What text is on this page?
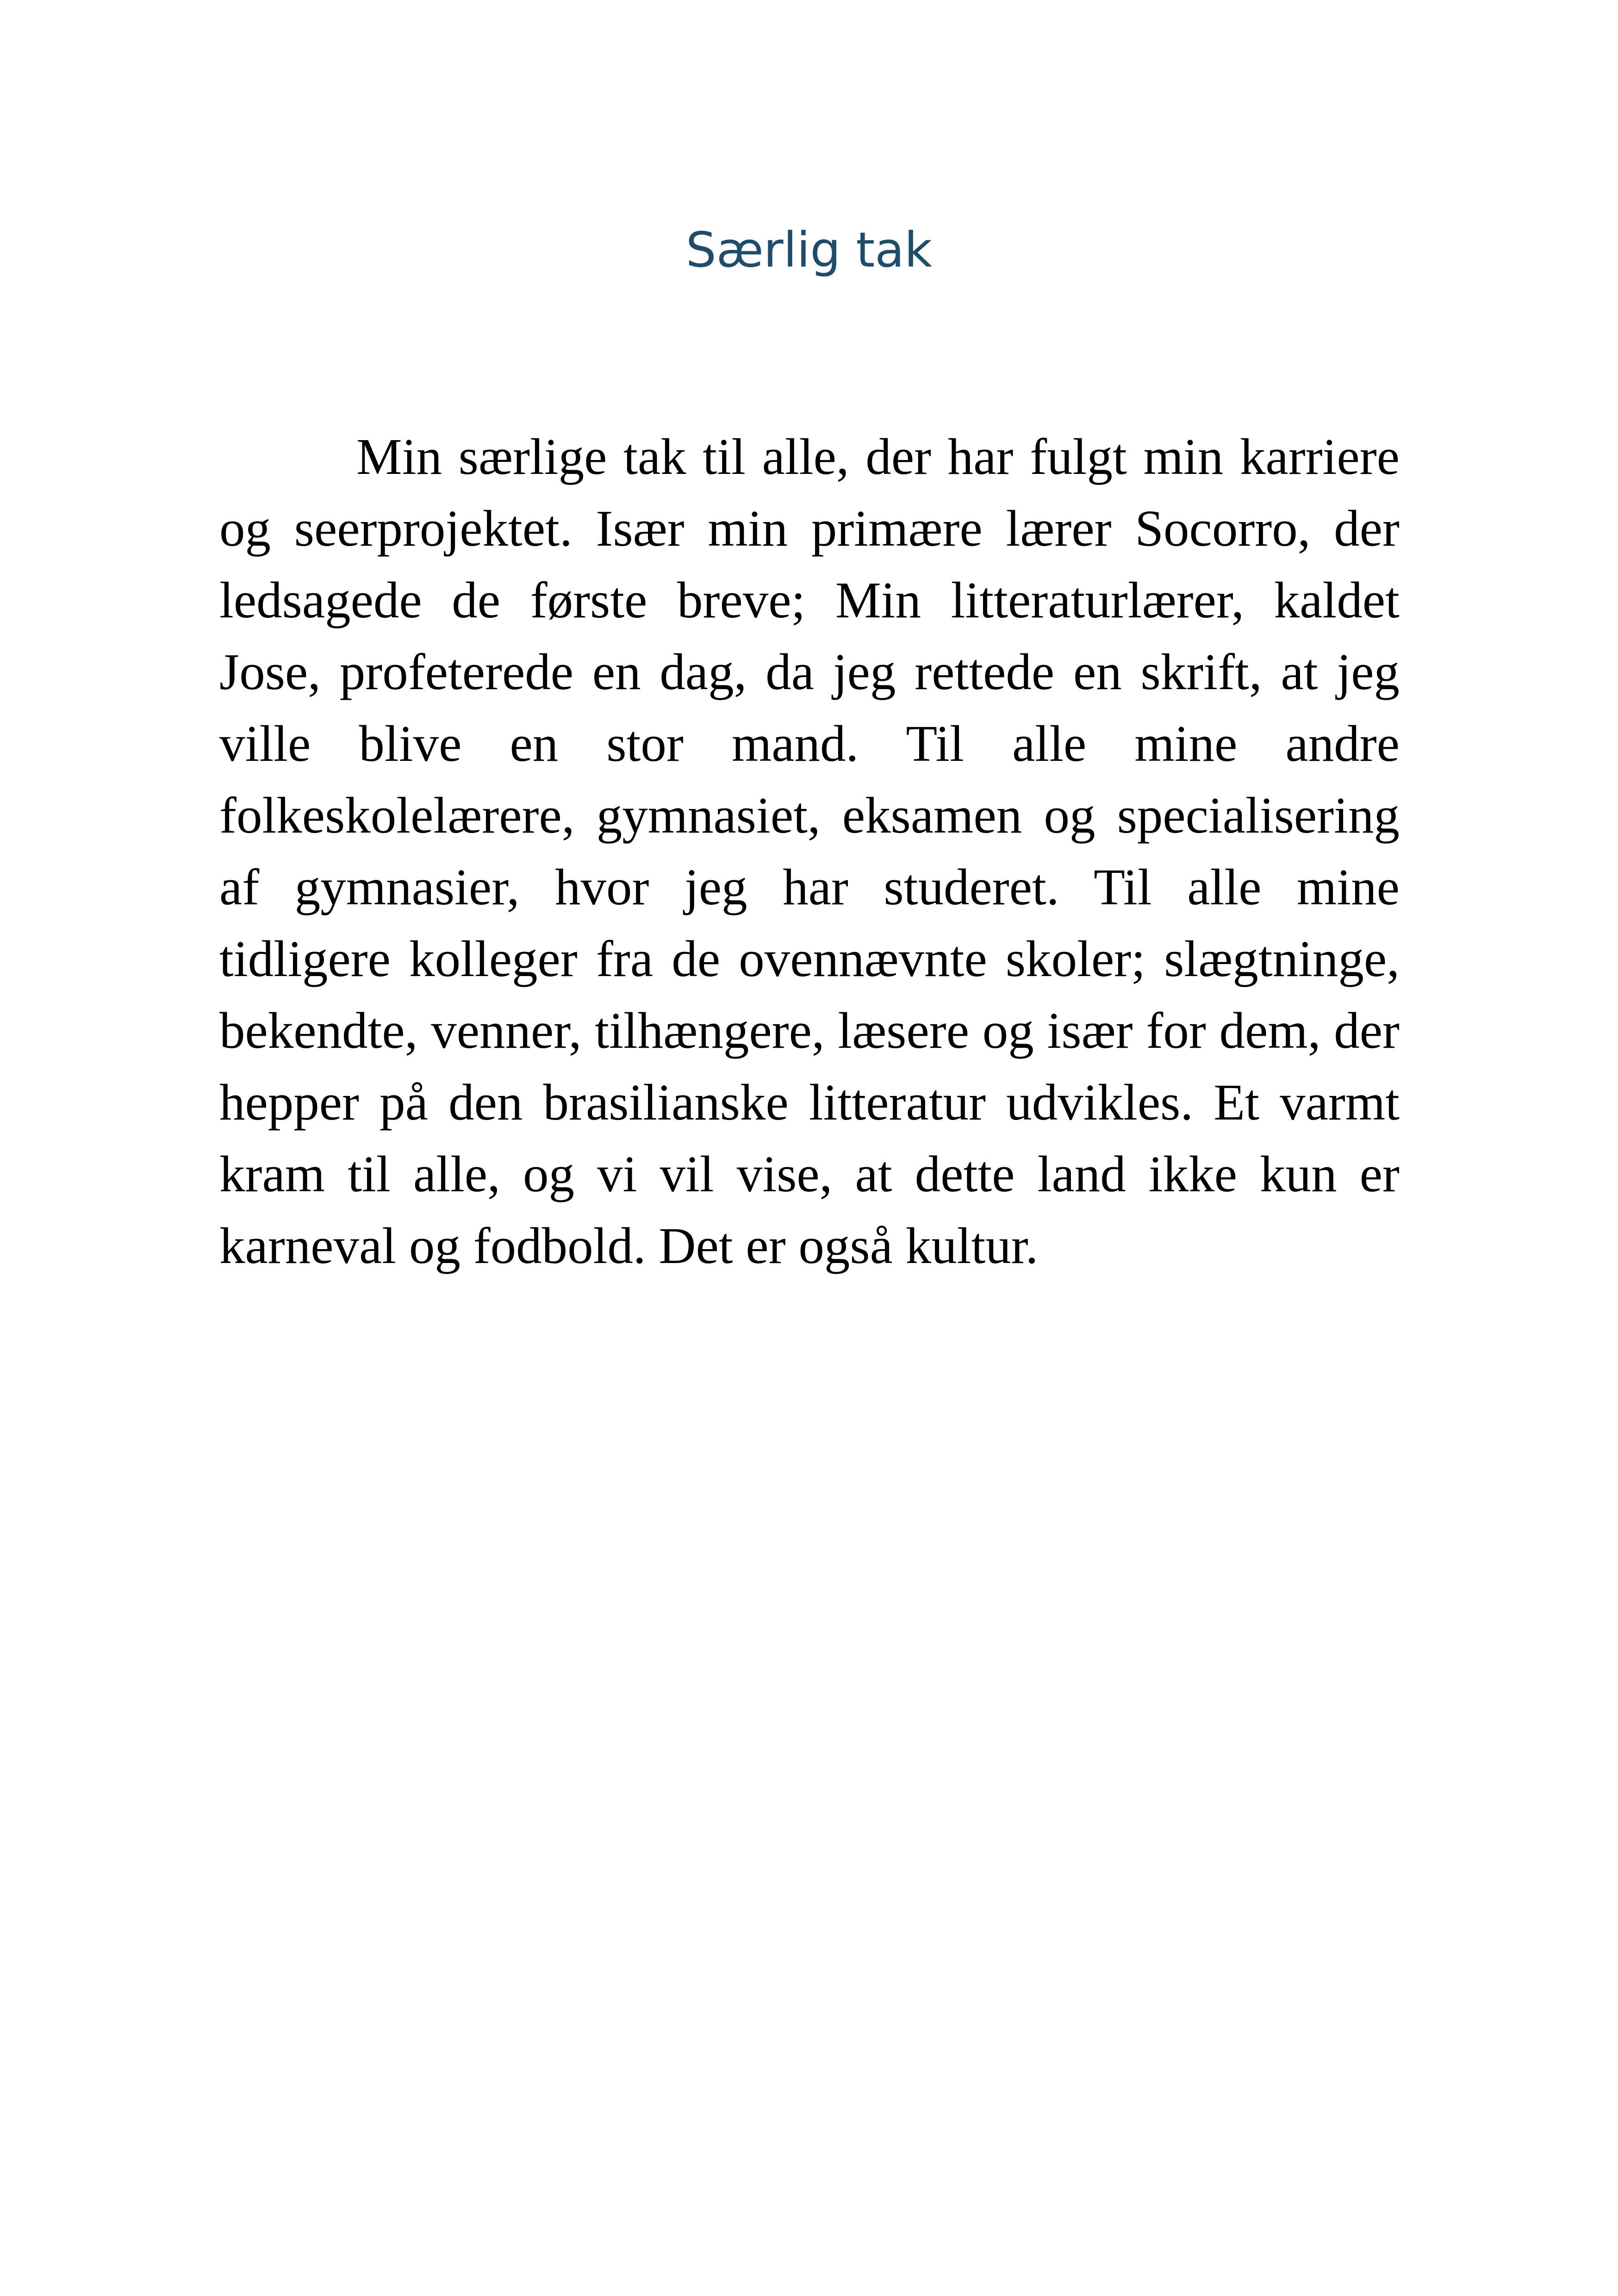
Særlig tak

Min særlige tak til alle, der har fulgt min karriere og seerprojektet. Især min primære lærer Socorro, der ledsagede de første breve; Min litteraturlærer, kaldet Jose, profeterede en dag, da jeg rettede en skrift, at jeg ville blive en stor mand. Til alle mine andre folkeskolelærere, gymnasiet, eksamen og specialisering af gymnasier, hvor jeg har studeret. Til alle mine tidligere kolleger fra de ovennævnte skoler; slægtninge, bekendte, venner, tilhængere, læsere og især for dem, der hepper på den brasilianske litteratur udvikles. Et varmt kram til alle, og vi vil vise, at dette land ikke kun er karneval og fodbold. Det er også kultur.
